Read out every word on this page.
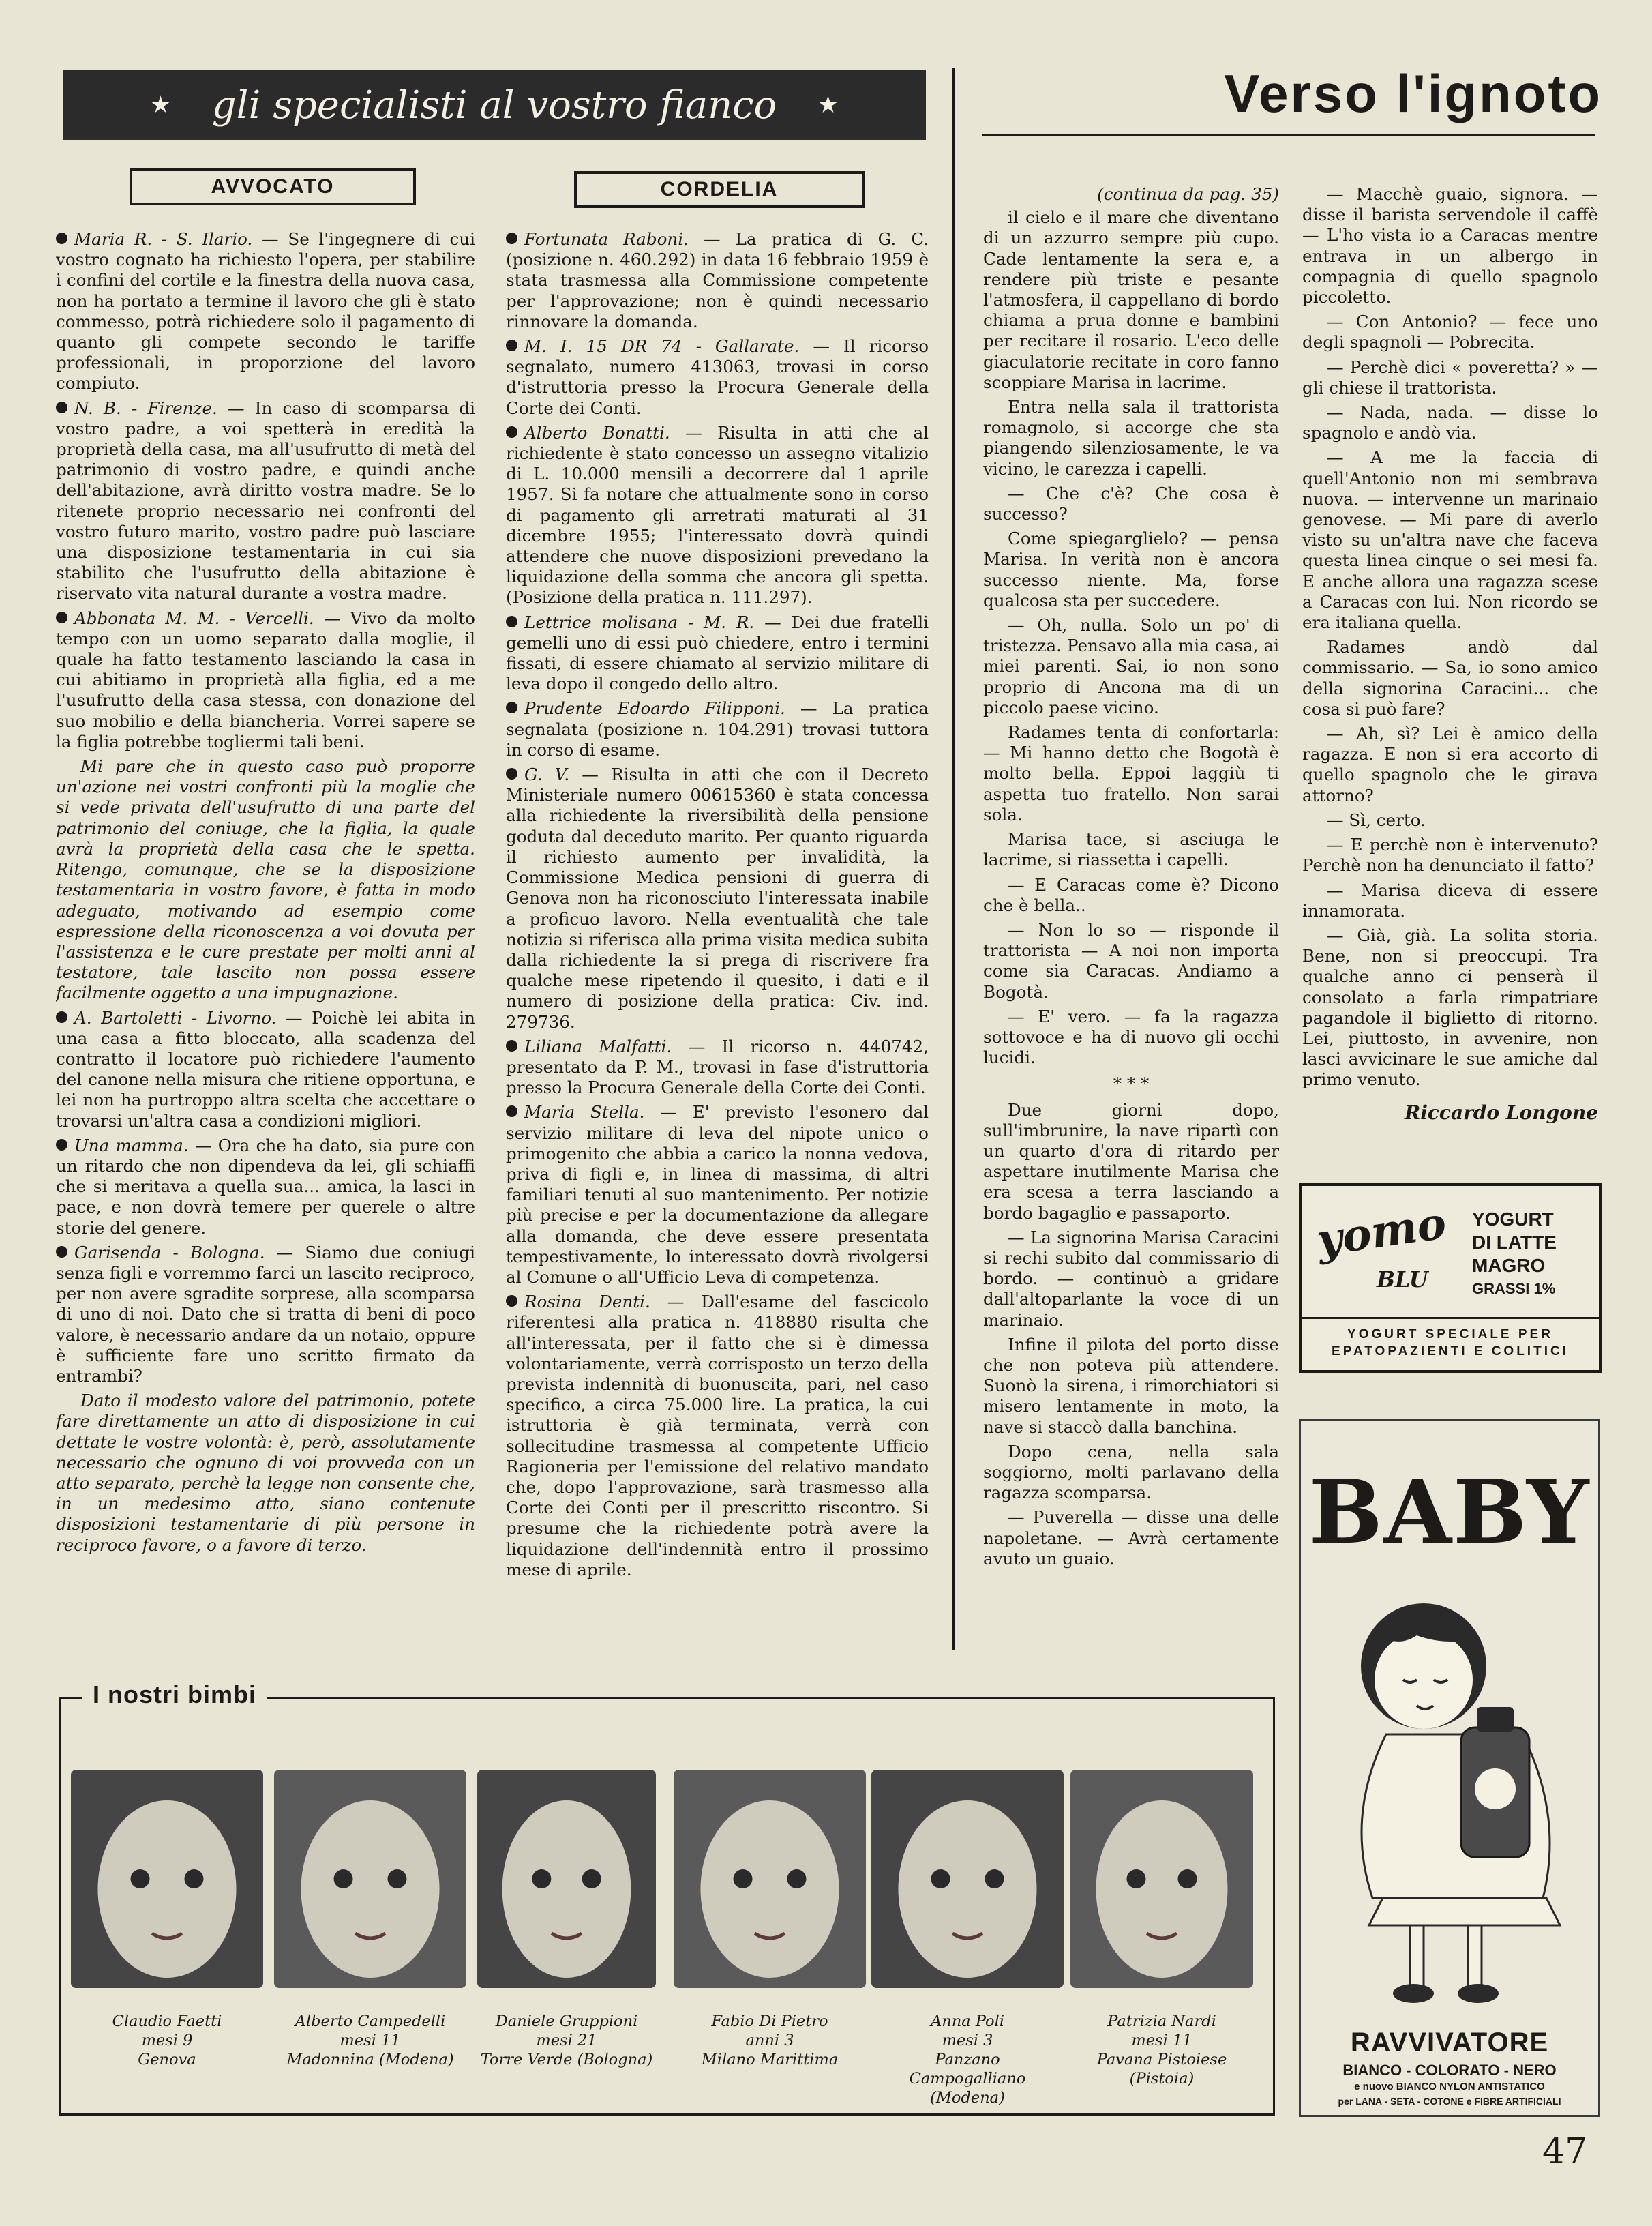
★ gli specialisti al vostro fianco ★	Verso l'ignoto
AVVOCATO	CORDELIA

Maria R. - S. Ilario. — Se l'ingegnere di cui vostro cognato ha richiesto l'opera, per stabilire i confini del cortile e la finestra della nuova casa, non ha portato a termine il lavoro che gli è stato commesso, potrà richiedere solo il pagamento di quanto gli compete secondo le tariffe professionali, in proporzione del lavoro compiuto.

N. B. - Firenze. — In caso di scomparsa di vostro padre, a voi spetterà in eredità la proprietà della casa, ma all'usufrutto di metà del patrimonio di vostro padre, e quindi anche dell'abitazione, avrà diritto vostra madre. Se lo ritenete proprio necessario nei confronti del vostro futuro marito, vostro padre può lasciare una disposizione testamentaria in cui sia stabilito che l'usufrutto della abitazione è riservato vita natural durante a vostra madre.

Abbonata M. M. - Vercelli. — Vivo da molto tempo con un uomo separato dalla moglie, il quale ha fatto testamento lasciando la casa in cui abitiamo in proprietà alla figlia, ed a me l'usufrutto della casa stessa, con donazione del suo mobilio e della biancheria. Vorrei sapere se la figlia potrebbe togliermi tali beni.

Mi pare che in questo caso può proporre un'azione nei vostri confronti più la moglie che si vede privata dell'usufrutto di una parte del patrimonio del coniuge, che la figlia, la quale avrà la proprietà della casa che le spetta. Ritengo, comunque, che se la disposizione testamentaria in vostro favore, è fatta in modo adeguato, motivando ad esempio come espressione della riconoscenza a voi dovuta per l'assistenza e le cure prestate per molti anni al testatore, tale lascito non possa essere facilmente oggetto a una impugnazione.

A. Bartoletti - Livorno. — Poichè lei abita in una casa a fitto bloccato, alla scadenza del contratto il locatore può richiedere l'aumento del canone nella misura che ritiene opportuna, e lei non ha purtroppo altra scelta che accettare o trovarsi un'altra casa a condizioni migliori.

Una mamma. — Ora che ha dato, sia pure con un ritardo che non dipendeva da lei, gli schiaffi che si meritava a quella sua... amica, la lasci in pace, e non dovrà temere per querele o altre storie del genere.

Garisenda - Bologna. — Siamo due coniugi senza figli e vorremmo farci un lascito reciproco, per non avere sgradite sorprese, alla scomparsa di uno di noi. Dato che si tratta di beni di poco valore, è necessario andare da un notaio, oppure è sufficiente fare uno scritto firmato da entrambi?

Dato il modesto valore del patrimonio, potete fare direttamente un atto di disposizione in cui dettate le vostre volontà: è, però, assolutamente necessario che ognuno di voi provveda con un atto separato, perchè la legge non consente che, in un medesimo atto, siano contenute disposizioni testamentarie di più persone in reciproco favore, o a favore di terzo.

Fortunata Raboni. — La pratica di G. C. (posizione n. 460.292) in data 16 febbraio 1959 è stata trasmessa alla Commissione competente per l'approvazione; non è quindi necessario rinnovare la domanda.

M. I. 15 DR 74 - Gallarate. — Il ricorso segnalato, numero 413063, trovasi in corso d'istruttoria presso la Procura Generale della Corte dei Conti.

Alberto Bonatti. — Risulta in atti che al richiedente è stato concesso un assegno vitalizio di L. 10.000 mensili a decorrere dal 1 aprile 1957. Si fa notare che attualmente sono in corso di pagamento gli arretrati maturati al 31 dicembre 1955; l'interessato dovrà quindi attendere che nuove disposizioni prevedano la liquidazione della somma che ancora gli spetta. (Posizione della pratica n. 111.297).

Lettrice molisana - M. R. — Dei due fratelli gemelli uno di essi può chiedere, entro i termini fissati, di essere chiamato al servizio militare di leva dopo il congedo dello altro.

Prudente Edoardo Filipponi. — La pratica segnalata (posizione n. 104.291) trovasi tuttora in corso di esame.

G. V. — Risulta in atti che con il Decreto Ministeriale numero 00615360 è stata concessa alla richiedente la riversibilità della pensione goduta dal deceduto marito. Per quanto riguarda il richiesto aumento per invalidità, la Commissione Medica pensioni di guerra di Genova non ha riconosciuto l'interessata inabile a proficuo lavoro. Nella eventualità che tale notizia si riferisca alla prima visita medica subita dalla richiedente la si prega di riscrivere fra qualche mese ripetendo il quesito, i dati e il numero di posizione della pratica: Civ. ind. 279736.

Liliana Malfatti. — Il ricorso n. 440742, presentato da P. M., trovasi in fase d'istruttoria presso la Procura Generale della Corte dei Conti.

Maria Stella. — E' previsto l'esonero dal servizio militare di leva del nipote unico o primogenito che abbia a carico la nonna vedova, priva di figli e, in linea di massima, di altri familiari tenuti al suo mantenimento. Per notizie più precise e per la documentazione da allegare alla domanda, che deve essere presentata tempestivamente, lo interessato dovrà rivolgersi al Comune o all'Ufficio Leva di competenza.

Rosina Denti. — Dall'esame del fascicolo riferentesi alla pratica n. 418880 risulta che all'interessata, per il fatto che si è dimessa volontariamente, verrà corrisposto un terzo della prevista indennità di buonuscita, pari, nel caso specifico, a circa 75.000 lire. La pratica, la cui istruttoria è già terminata, verrà con sollecitudine trasmessa al competente Ufficio Ragioneria per l'emissione del relativo mandato che, dopo l'approvazione, sarà trasmesso alla Corte dei Conti per il prescritto riscontro. Si presume che la richiedente potrà avere la liquidazione dell'indennità entro il prossimo mese di aprile.

(continua da pag. 35)

il cielo e il mare che diventano di un azzurro sempre più cupo. Cade lentamente la sera e, a rendere più triste e pesante l'atmosfera, il cappellano di bordo chiama a prua donne e bambini per recitare il rosario. L'eco delle giaculatorie recitate in coro fanno scoppiare Marisa in lacrime.

Entra nella sala il trattorista romagnolo, si accorge che sta piangendo silenziosamente, le va vicino, le carezza i capelli.

— Che c'è? Che cosa è successo?

Come spiegarglielo? — pensa Marisa. In verità non è ancora successo niente. Ma, forse qualcosa sta per succedere.

— Oh, nulla. Solo un po' di tristezza. Pensavo alla mia casa, ai miei parenti. Sai, io non sono proprio di Ancona ma di un piccolo paese vicino.

Radames tenta di confortarla: — Mi hanno detto che Bogotà è molto bella. Eppoi laggiù ti aspetta tuo fratello. Non sarai sola.

Marisa tace, si asciuga le lacrime, si riassetta i capelli.

— E Caracas come è? Dicono che è bella..

— Non lo so — risponde il trattorista — A noi non importa come sia Caracas. Andiamo a Bogotà.

— E' vero. — fa la ragazza sottovoce e ha di nuovo gli occhi lucidi.

* * *

Due giorni dopo, sull'imbrunire, la nave ripartì con un quarto d'ora di ritardo per aspettare inutilmente Marisa che era scesa a terra lasciando a bordo bagaglio e passaporto.

— La signorina Marisa Caracini si rechi subito dal commissario di bordo. — continuò a gridare dall'altoparlante la voce di un marinaio.

Infine il pilota del porto disse che non poteva più attendere. Suonò la sirena, i rimorchiatori si misero lentamente in moto, la nave si staccò dalla banchina.

Dopo cena, nella sala soggiorno, molti parlavano della ragazza scomparsa.

— Puverella — disse una delle napoletane. — Avrà certamente avuto un guaio.

— Macchè guaio, signora. — disse il barista servendole il caffè — L'ho vista io a Caracas mentre entrava in un albergo in compagnia di quello spagnolo piccoletto.

— Con Antonio? — fece uno degli spagnoli — Pobrecita.

— Perchè dici « poveretta? » — gli chiese il trattorista.

— Nada, nada. — disse lo spagnolo e andò via.

— A me la faccia di quell'Antonio non mi sembrava nuova. — intervenne un marinaio genovese. — Mi pare di averlo visto su un'altra nave che faceva questa linea cinque o sei mesi fa. E anche allora una ragazza scese a Caracas con lui. Non ricordo se era italiana quella.

Radames andò dal commissario. — Sa, io sono amico della signorina Caracini... che cosa si può fare?

— Ah, sì? Lei è amico della ragazza. E non si era accorto di quello spagnolo che le girava attorno?

— Sì, certo.

— E perchè non è intervenuto? Perchè non ha denunciato il fatto?

— Marisa diceva di essere innamorata.

— Già, già. La solita storia. Bene, non si preoccupi. Tra qualche anno ci penserà il consolato a farla rimpatriare pagandole il biglietto di ritorno. Lei, piuttosto, in avvenire, non lasci avvicinare le sue amiche dal primo venuto.

Riccardo Longone

yomo
BLU
YOGURT
DI LATTE
MAGRO
GRASSI 1%
YOGURT SPECIALE PER
EPATOPAZIENTI E COLITICI
BABY
RAVVIVATORE
BIANCO - COLORATO - NERO
e nuovo BIANCO NYLON ANTISTATICO
per LANA - SETA - COTONE e FIBRE ARTIFICIALI
I nostri bimbi
Claudio Faetti
mesi 9
Genova
Alberto Campedelli
mesi 11
Madonnina (Modena)
Daniele Gruppioni
mesi 21
Torre Verde (Bologna)
Fabio Di Pietro
anni 3
Milano Marittima
Anna Poli
mesi 3
Panzano Campogalliano
(Modena)
Patrizia Nardi
mesi 11
Pavana Pistoiese
(Pistoia)
47
